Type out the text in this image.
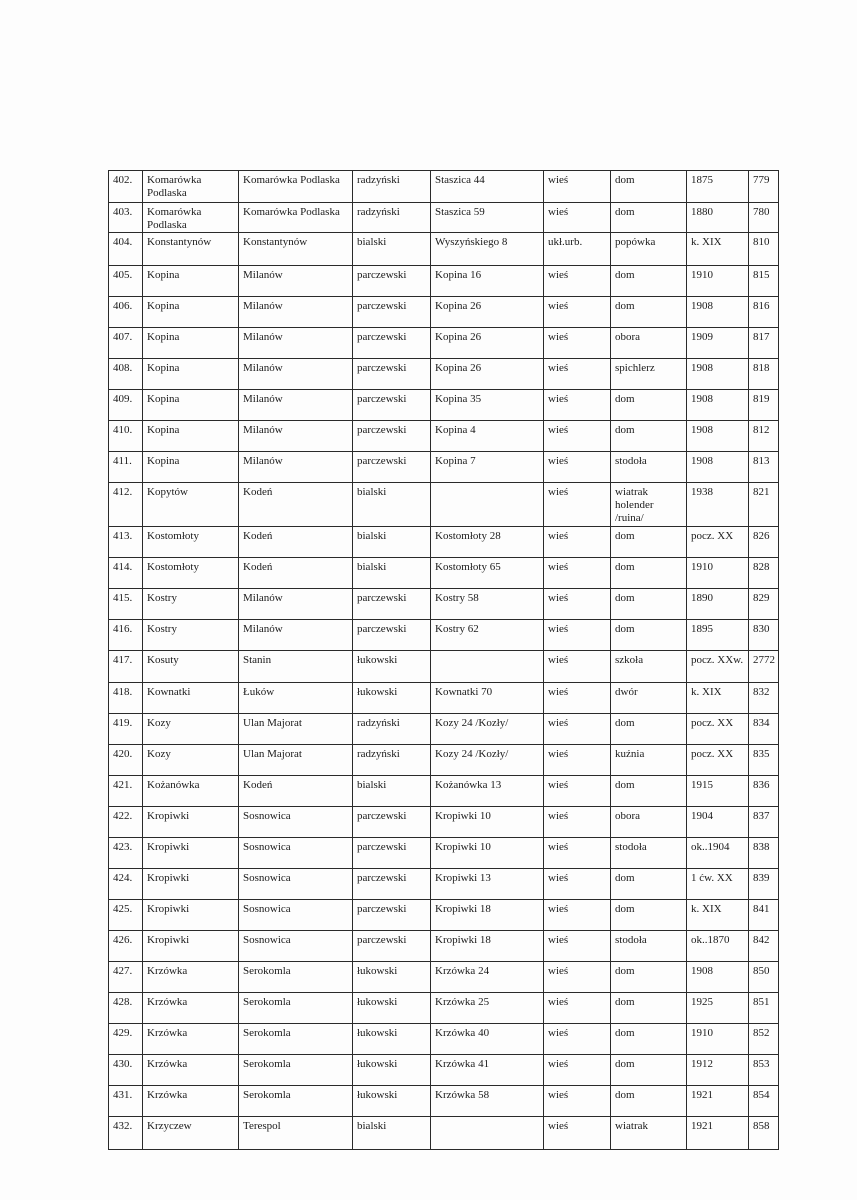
402.	Komarówka Podlaska	Komarówka Podlaska	radzyński	Staszica 44	wieś	dom	1875	779
403.	Komarówka Podlaska	Komarówka Podlaska	radzyński	Staszica 59	wieś	dom	1880	780
404.	Konstantynów	Konstantynów	bialski	Wyszyńskiego 8	ukł.urb.	popówka	k. XIX	810
405.	Kopina	Milanów	parczewski	Kopina 16	wieś	dom	1910	815
406.	Kopina	Milanów	parczewski	Kopina 26	wieś	dom	1908	816
407.	Kopina	Milanów	parczewski	Kopina 26	wieś	obora	1909	817
408.	Kopina	Milanów	parczewski	Kopina 26	wieś	spichlerz	1908	818
409.	Kopina	Milanów	parczewski	Kopina 35	wieś	dom	1908	819
410.	Kopina	Milanów	parczewski	Kopina 4	wieś	dom	1908	812
411.	Kopina	Milanów	parczewski	Kopina 7	wieś	stodoła	1908	813
412.	Kopytów	Kodeń	bialski		wieś	wiatrak holender /ruina/	1938	821
413.	Kostomłoty	Kodeń	bialski	Kostomłoty 28	wieś	dom	pocz. XX	826
414.	Kostomłoty	Kodeń	bialski	Kostomłoty 65	wieś	dom	1910	828
415.	Kostry	Milanów	parczewski	Kostry 58	wieś	dom	1890	829
416.	Kostry	Milanów	parczewski	Kostry 62	wieś	dom	1895	830
417.	Kosuty	Stanin	łukowski		wieś	szkoła	pocz. XXw.	2772
418.	Kownatki	Łuków	łukowski	Kownatki 70	wieś	dwór	k. XIX	832
419.	Kozy	Ulan Majorat	radzyński	Kozy 24 /Kozły/	wieś	dom	pocz. XX	834
420.	Kozy	Ulan Majorat	radzyński	Kozy 24 /Kozły/	wieś	kuźnia	pocz. XX	835
421.	Kożanówka	Kodeń	bialski	Kożanówka 13	wieś	dom	1915	836
422.	Kropiwki	Sosnowica	parczewski	Kropiwki 10	wieś	obora	1904	837
423.	Kropiwki	Sosnowica	parczewski	Kropiwki 10	wieś	stodoła	ok..1904	838
424.	Kropiwki	Sosnowica	parczewski	Kropiwki 13	wieś	dom	1 ćw. XX	839
425.	Kropiwki	Sosnowica	parczewski	Kropiwki 18	wieś	dom	k. XIX	841
426.	Kropiwki	Sosnowica	parczewski	Kropiwki 18	wieś	stodoła	ok..1870	842
427.	Krzówka	Serokomla	łukowski	Krzówka 24	wieś	dom	1908	850
428.	Krzówka	Serokomla	łukowski	Krzówka 25	wieś	dom	1925	851
429.	Krzówka	Serokomla	łukowski	Krzówka 40	wieś	dom	1910	852
430.	Krzówka	Serokomla	łukowski	Krzówka 41	wieś	dom	1912	853
431.	Krzówka	Serokomla	łukowski	Krzówka 58	wieś	dom	1921	854
432.	Krzyczew	Terespol	bialski		wieś	wiatrak	1921	858
